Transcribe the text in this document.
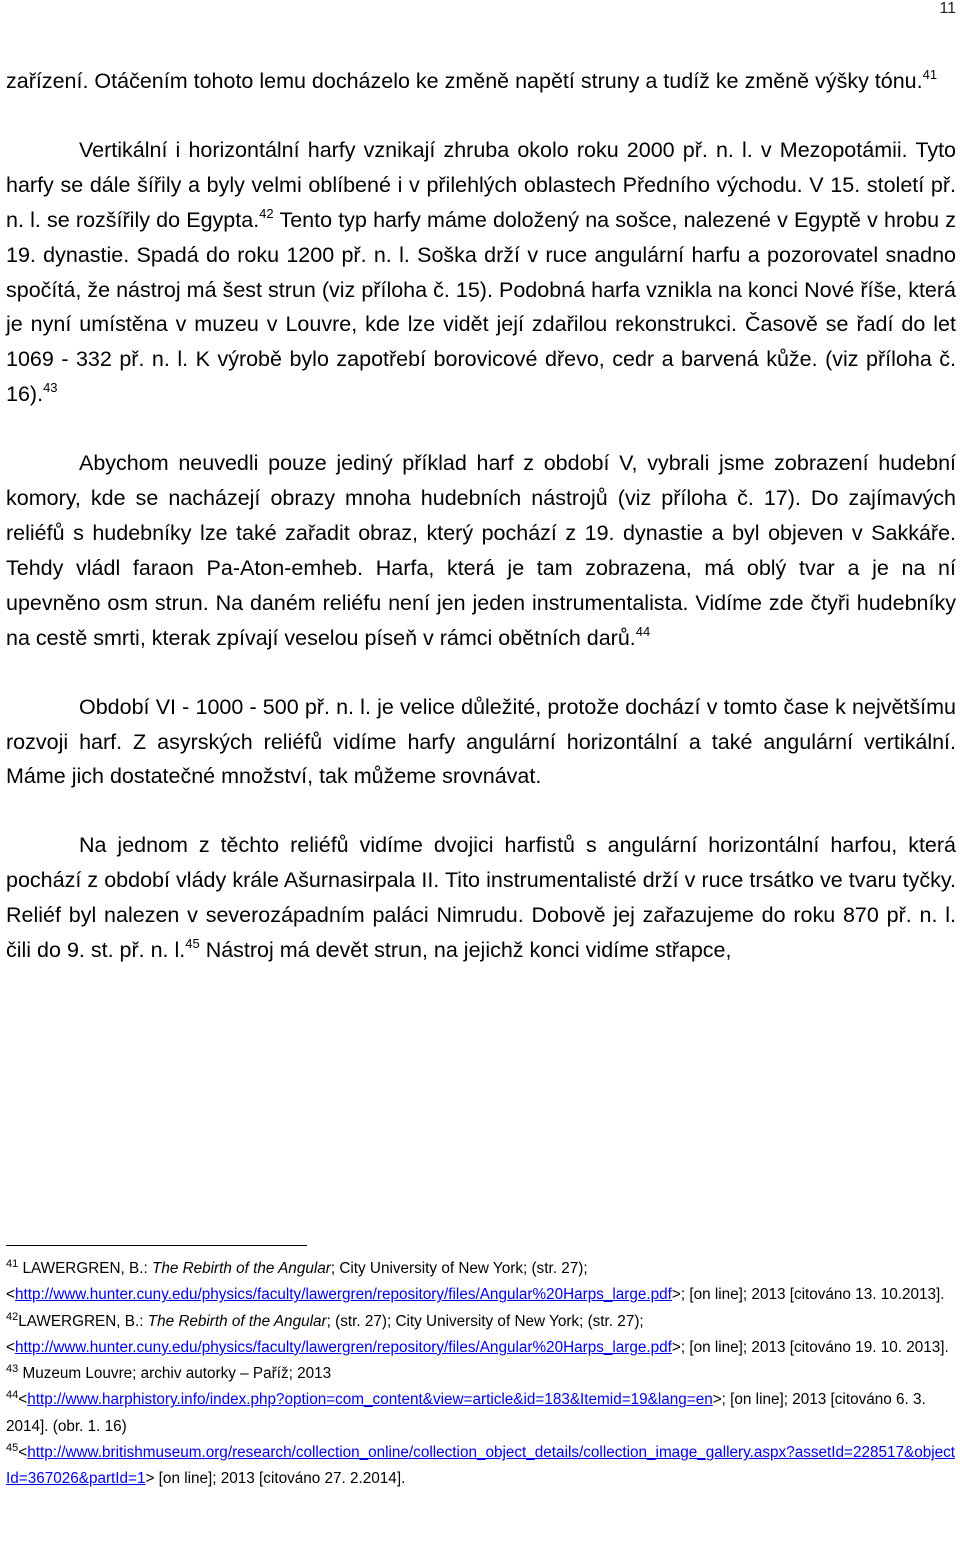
11

zařízení. Otáčením tohoto lemu docházelo ke změně napětí struny a tudíž ke změně výšky tónu.$^{41}$

Vertikální i horizontální harfy vznikají zhruba okolo roku 2000 př. n. l. v Mezopotámii. Tyto harfy se dále šířily a byly velmi oblíbené i v přilehlých oblastech Předního východu. V 15. století př. n. l. se rozšířily do Egypta.$^{42}$ Tento typ harfy máme doložený na sošce, nalezené v Egyptě v hrobu z 19. dynastie. Spadá do roku 1200 př. n. l. Soška drží v ruce angulární harfu a pozorovatel snadno spočítá, že nástroj má šest strun (viz příloha č. 15). Podobná harfa vznikla na konci Nové říše, která je nyní umístěna v muzeu v Louvre, kde lze vidět její zdařilou rekonstrukci. Časově se řadí do let 1069 - 332 př. n. l. K výrobě bylo zapotřebí borovicové dřevo, cedr a barvená kůže. (viz příloha č. 16).$^{43}$

Abychom neuvedli pouze jediný příklad harf z období V, vybrali jsme zobrazení hudební komory, kde se nacházejí obrazy mnoha hudebních nástrojů (viz příloha č. 17). Do zajímavých reliéfů s hudebníky lze také zařadit obraz, který pochází z 19. dynastie a byl objeven v Sakkáře. Tehdy vládl faraon Pa-Aton-emheb. Harfa, která je tam zobrazena, má oblý tvar a je na ní upevněno osm strun. Na daném reliéfu není jen jeden instrumentalista. Vidíme zde čtyři hudebníky na cestě smrti, kterak zpívají veselou píseň v rámci obětních darů.$^{44}$

Období VI - 1000 - 500 př. n. l. je velice důležité, protože dochází v tomto čase k největšímu rozvoji harf. Z asyrských reliéfů vidíme harfy angulární horizontální a také angulární vertikální. Máme jich dostatečné množství, tak můžeme srovnávat.

Na jednom z těchto reliéfů vidíme dvojici harfistů s angulární horizontální harfou, která pochází z období vlády krále Ašurnasirpala II. Tito instrumentalisté drží v ruce trsátko ve tvaru tyčky. Reliéf byl nalezen v severozápadním paláci Nimrudu. Dobově jej zařazujeme do roku 870 př. n. l. čili do 9. st. př. n. l.$^{45}$ Nástroj má devět strun, na jejichž konci vidíme střapce,

$^{41}$ LAWERGREN, B.: The Rebirth of the Angular; City University of New York; (str. 27); <http://www.hunter.cuny.edu/physics/faculty/lawergren/repository/files/Angular%20Harps_large.pdf>; [on line]; 2013 [citováno 13. 10.2013].

$^{42}$LAWERGREN, B.: The Rebirth of the Angular; (str. 27); City University of New York; (str. 27); <http://www.hunter.cuny.edu/physics/faculty/lawergren/repository/files/Angular%20Harps_large.pdf>; [on line]; 2013 [citováno 19. 10. 2013].

$^{43}$ Muzeum Louvre; archiv autorky – Paříž; 2013

$^{44}$<http://www.harphistory.info/index.php?option=com_content&view=article&id=183&Itemid=19&lang=en>; [on line]; 2013 [citováno 6. 3. 2014]. (obr. 1. 16)

$^{45}$<http://www.britishmuseum.org/research/collection_online/collection_object_details/collection_image_gallery.aspx?assetId=228517&objectId=367026&partId=1> [on line]; 2013 [citováno 27. 2.2014].
